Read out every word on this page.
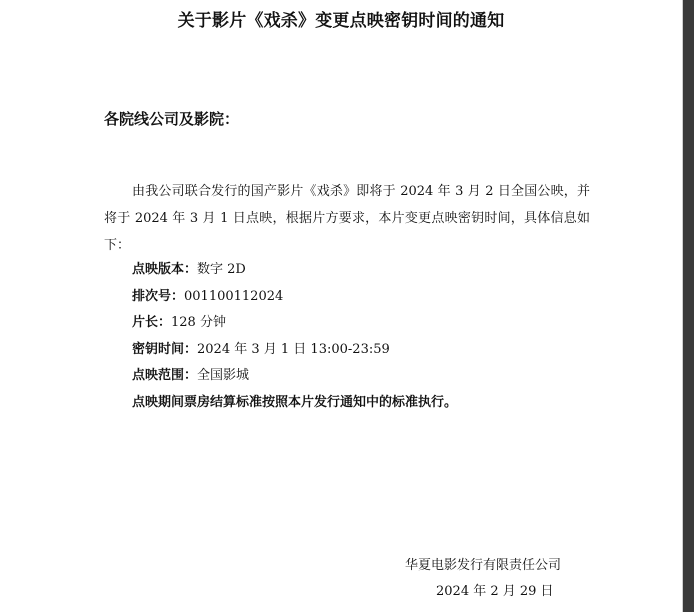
关于影片《戏杀》变更点映密钥时间的通知
各院线公司及影院：
由我公司联合发行的国产影片《戏杀》即将于 2024 年 3 月 2 日全国公映，并将于 2024 年 3 月 1 日点映，根据片方要求，本片变更点映密钥时间，具体信息如下：
点映版本：数字 2D
排次号：001100112024
片长：128 分钟
密钥时间：2024 年 3 月 1 日 13:00-23:59
点映范围：全国影城
点映期间票房结算标准按照本片发行通知中的标准执行。
华夏电影发行有限责任公司
2024 年 2 月 29 日
